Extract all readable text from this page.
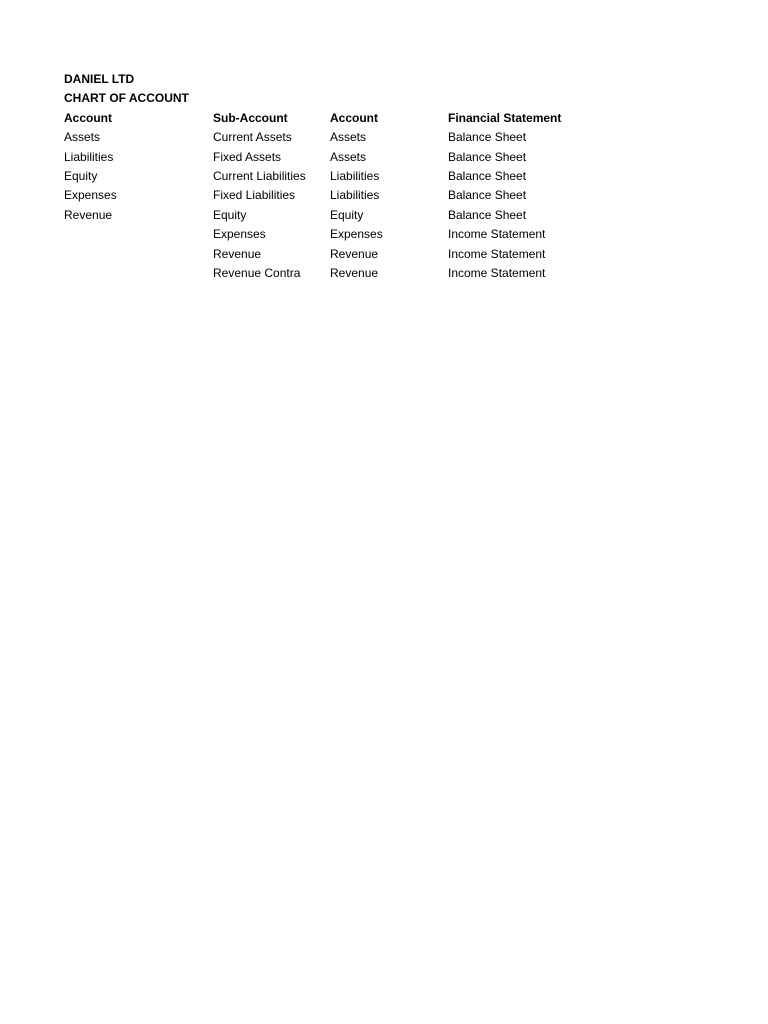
DANIEL LTD
CHART OF ACCOUNT
Account
Assets
Liabilities
Equity
Expenses
Revenue
Sub-Account
Current Assets
Fixed Assets
Current Liabilities
Fixed Liabilities
Equity
Expenses
Revenue
Revenue Contra
Account
Assets
Assets
Liabilities
Liabilities
Equity
Expenses
Revenue
Revenue
Financial Statement
Balance Sheet
Balance Sheet
Balance Sheet
Balance Sheet
Balance Sheet
Income Statement
Income Statement
Income Statement
